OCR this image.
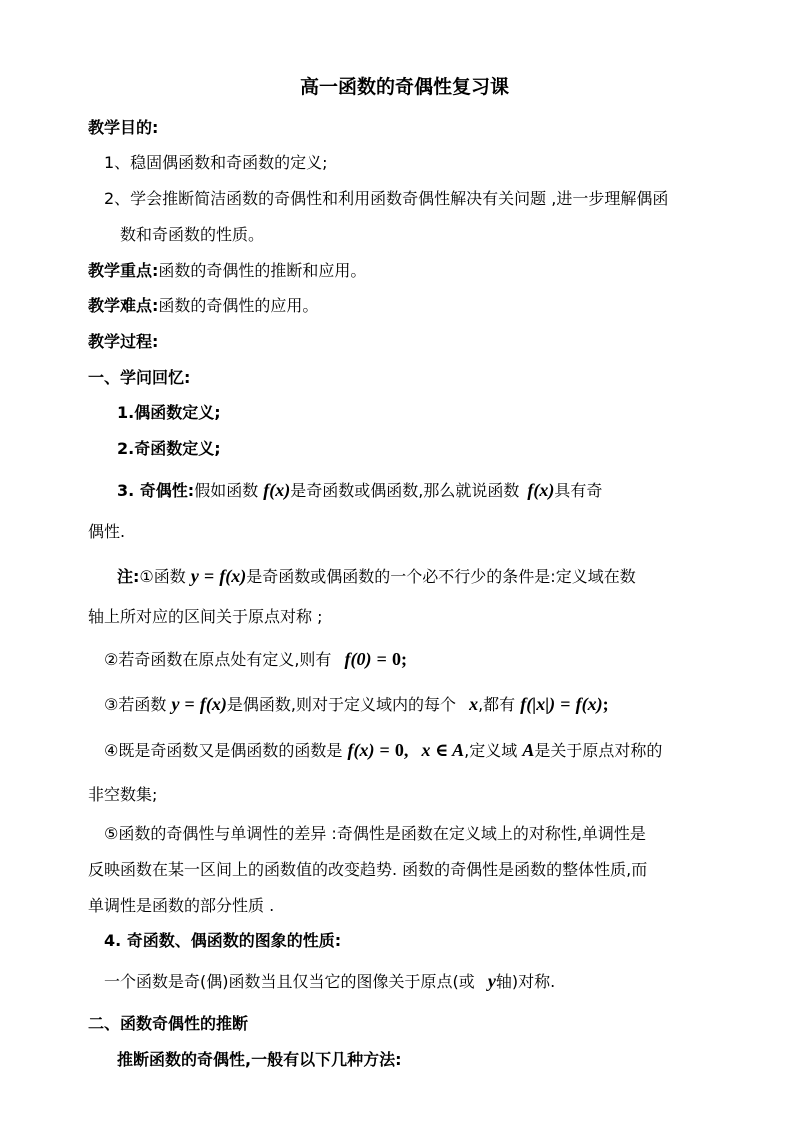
高一函数的奇偶性复习课
教学目的:
1、稳固偶函数和奇函数的定义;
2、学会推断简洁函数的奇偶性和利用函数奇偶性解决有关问题 ,进一步理解偶函
数和奇函数的性质。
教学重点:函数的奇偶性的推断和应用。
教学难点:函数的奇偶性的应用。
教学过程:
一、学问回忆:
1.偶函数定义;
2.奇函数定义;
3. 奇偶性:假如函数 f(x)是奇函数或偶函数,那么就说函数 f(x)具有奇
偶性.
注:①函数 y = f(x)是奇函数或偶函数的一个必不行少的条件是:定义域在数
轴上所对应的区间关于原点对称 ;
②若奇函数在原点处有定义,则有 f(0) = 0;
③若函数 y = f(x)是偶函数,则对于定义域内的每个 x,都有 f(|x|) = f(x);
④既是奇函数又是偶函数的函数是 f(x) = 0, x ∈ A,定义域 A是关于原点对称的
非空数集;
⑤函数的奇偶性与单调性的差异 :奇偶性是函数在定义域上的对称性,单调性是
反映函数在某一区间上的函数值的改变趋势. 函数的奇偶性是函数的整体性质,而
单调性是函数的部分性质 .
4. 奇函数、偶函数的图象的性质:
一个函数是奇(偶)函数当且仅当它的图像关于原点(或 y轴)对称.
二、函数奇偶性的推断
推断函数的奇偶性,一般有以下几种方法:
